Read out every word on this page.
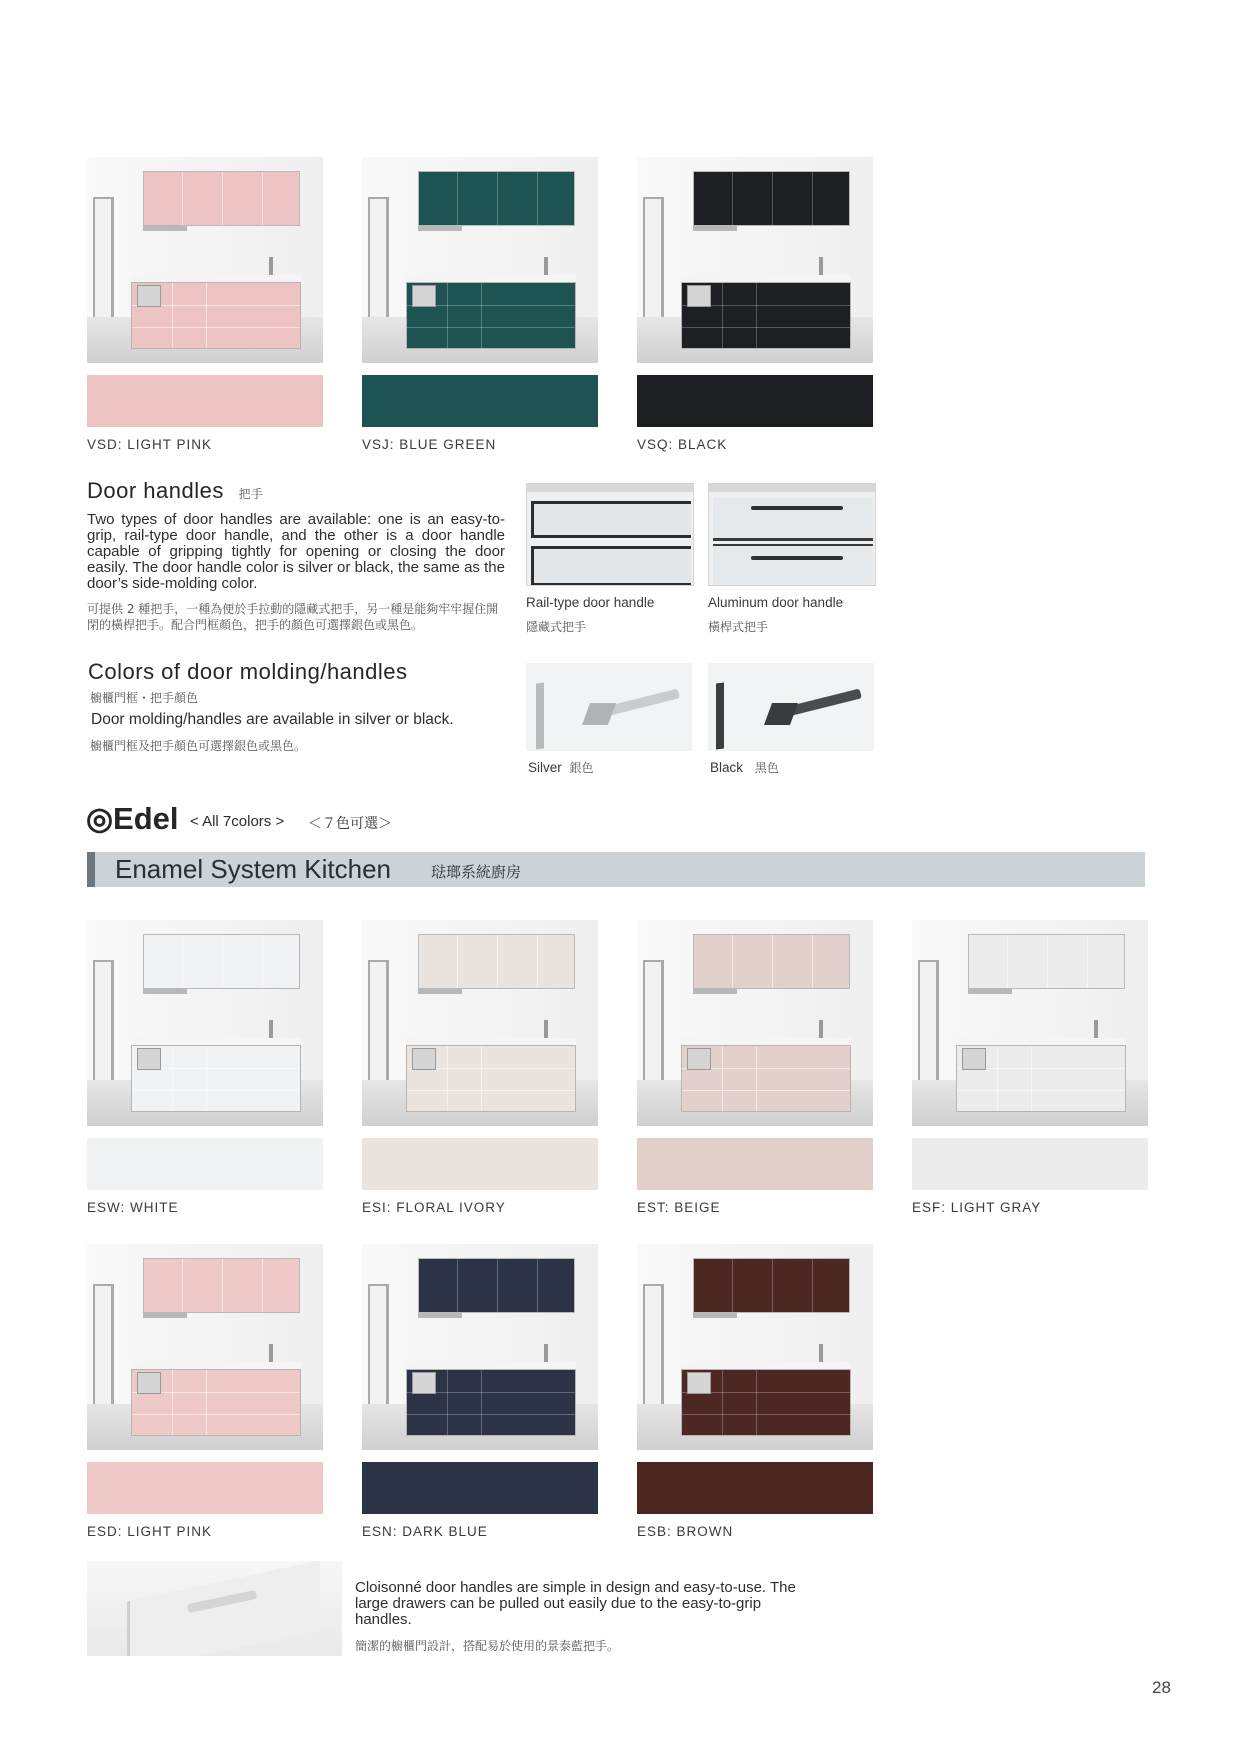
VSD: LIGHT PINK	VSJ: BLUE GREEN	VSQ: BLACK
Door handles 把手
Two types of door handles are available: one is an easy-to-grip, rail-type door handle, and the other is a door handle capable of gripping tightly for opening or closing the door easily. The door handle color is silver or black, the same as the door’s side-molding color.
可提供 2 種把手，一種為便於手拉動的隱藏式把手，另一種是能夠牢牢握住開閉的橫桿把手。配合門框顏色，把手的顏色可選擇銀色或黑色。
Rail-type door handle
隱藏式把手
Aluminum door handle
橫桿式把手
Colors of door molding/handles
櫥櫃門框・把手顏色
Door molding/handles are available in silver or black.
櫥櫃門框及把手顏色可選擇銀色或黑色。
Silver 銀色	Black 黑色
◎Edel < All 7colors > ＜７色可選＞
Enamel System Kitchen	琺瑯系統廚房
ESW: WHITE	ESI: FLORAL IVORY	EST: BEIGE	ESF: LIGHT GRAY
ESD: LIGHT PINK	ESN: DARK BLUE	ESB: BROWN
Cloisonné door handles are simple in design and easy-to-use. The large drawers can be pulled out easily due to the easy-to-grip handles.
簡潔的櫥櫃門設計，搭配易於使用的景泰藍把手。
28
